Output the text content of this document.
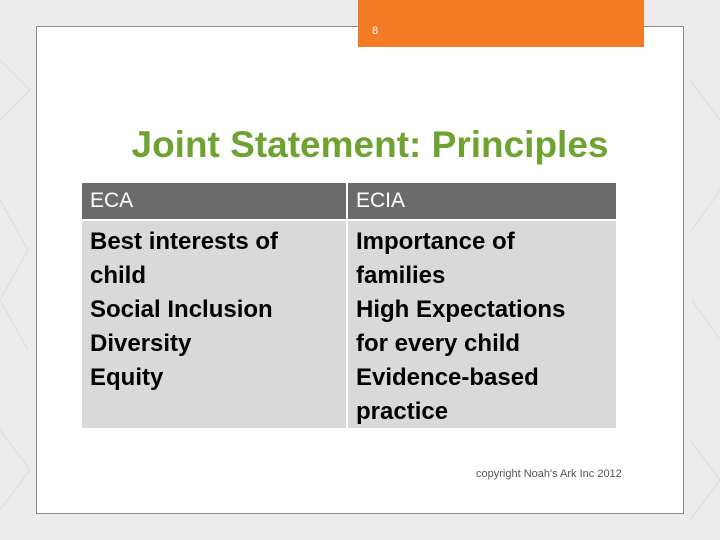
8
Joint Statement: Principles
ECA	ECIA
Best interests of
child
Social Inclusion
Diversity
Equity
Importance of
families
High Expectations
for every child
Evidence-based
practice
copyright Noah's Ark Inc 2012
